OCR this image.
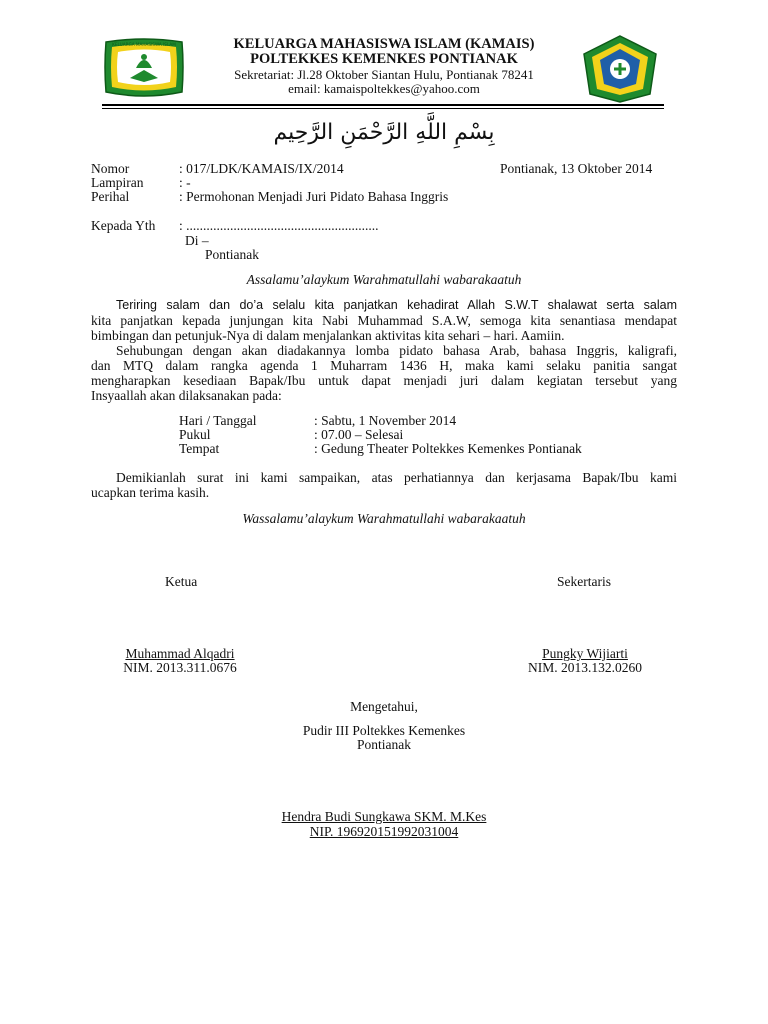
KELUARGA MAHASISWA ISLAM	KELUARGA MAHASISWA ISLAM (KAMAIS)
POLTEKKES KEMENKES PONTIANAK
Sekretariat: Jl.28 Oktober Siantan Hulu, Pontianak 78241
email: kamaispoltekkes@yahoo.com
بِسْمِ اللَّهِ الرَّحْمَنِ الرَّحِيم
Nomor	: 017/LDK/KAMAIS/IX/2014	Pontianak, 13 Oktober 2014
Lampiran	: -
Perihal	: Permohonan Menjadi Juri Pidato Bahasa Inggris
Kepada Yth : .........................................................
Di –
Pontianak
Assalamu’alaykum Warahmatullahi wabarakaatuh
Teriring salam dan do’a selalu kita panjatkan kehadirat Allah S.W.T shalawat serta salam
kita panjatkan kepada junjungan kita Nabi Muhammad S.A.W, semoga kita senantiasa mendapat
bimbingan dan petunjuk-Nya di dalam menjalankan aktivitas kita sehari – hari. Aamiin.
Sehubungan dengan akan diadakannya lomba pidato bahasa Arab, bahasa Inggris, kaligrafi,
dan MTQ dalam rangka agenda 1 Muharram 1436 H, maka kami selaku panitia sangat
mengharapkan kesediaan Bapak/Ibu untuk dapat menjadi juri dalam kegiatan tersebut yang
Insyaallah akan dilaksanakan pada:
Hari / Tanggal	: Sabtu, 1 November 2014
Pukul	: 07.00 – Selesai
Tempat	: Gedung Theater Poltekkes Kemenkes Pontianak
Demikianlah surat ini kami sampaikan, atas perhatiannya dan kerjasama Bapak/Ibu kami
ucapkan terima kasih.
Wassalamu’alaykum Warahmatullahi wabarakaatuh
Ketua	Sekertaris
Muhammad Alqadri
NIM. 2013.311.0676
Pungky Wijiarti
NIM. 2013.132.0260
Mengetahui,
Pudir III Poltekkes Kemenkes
Pontianak
Hendra Budi Sungkawa SKM. M.Kes
NIP. 196920151992031004
